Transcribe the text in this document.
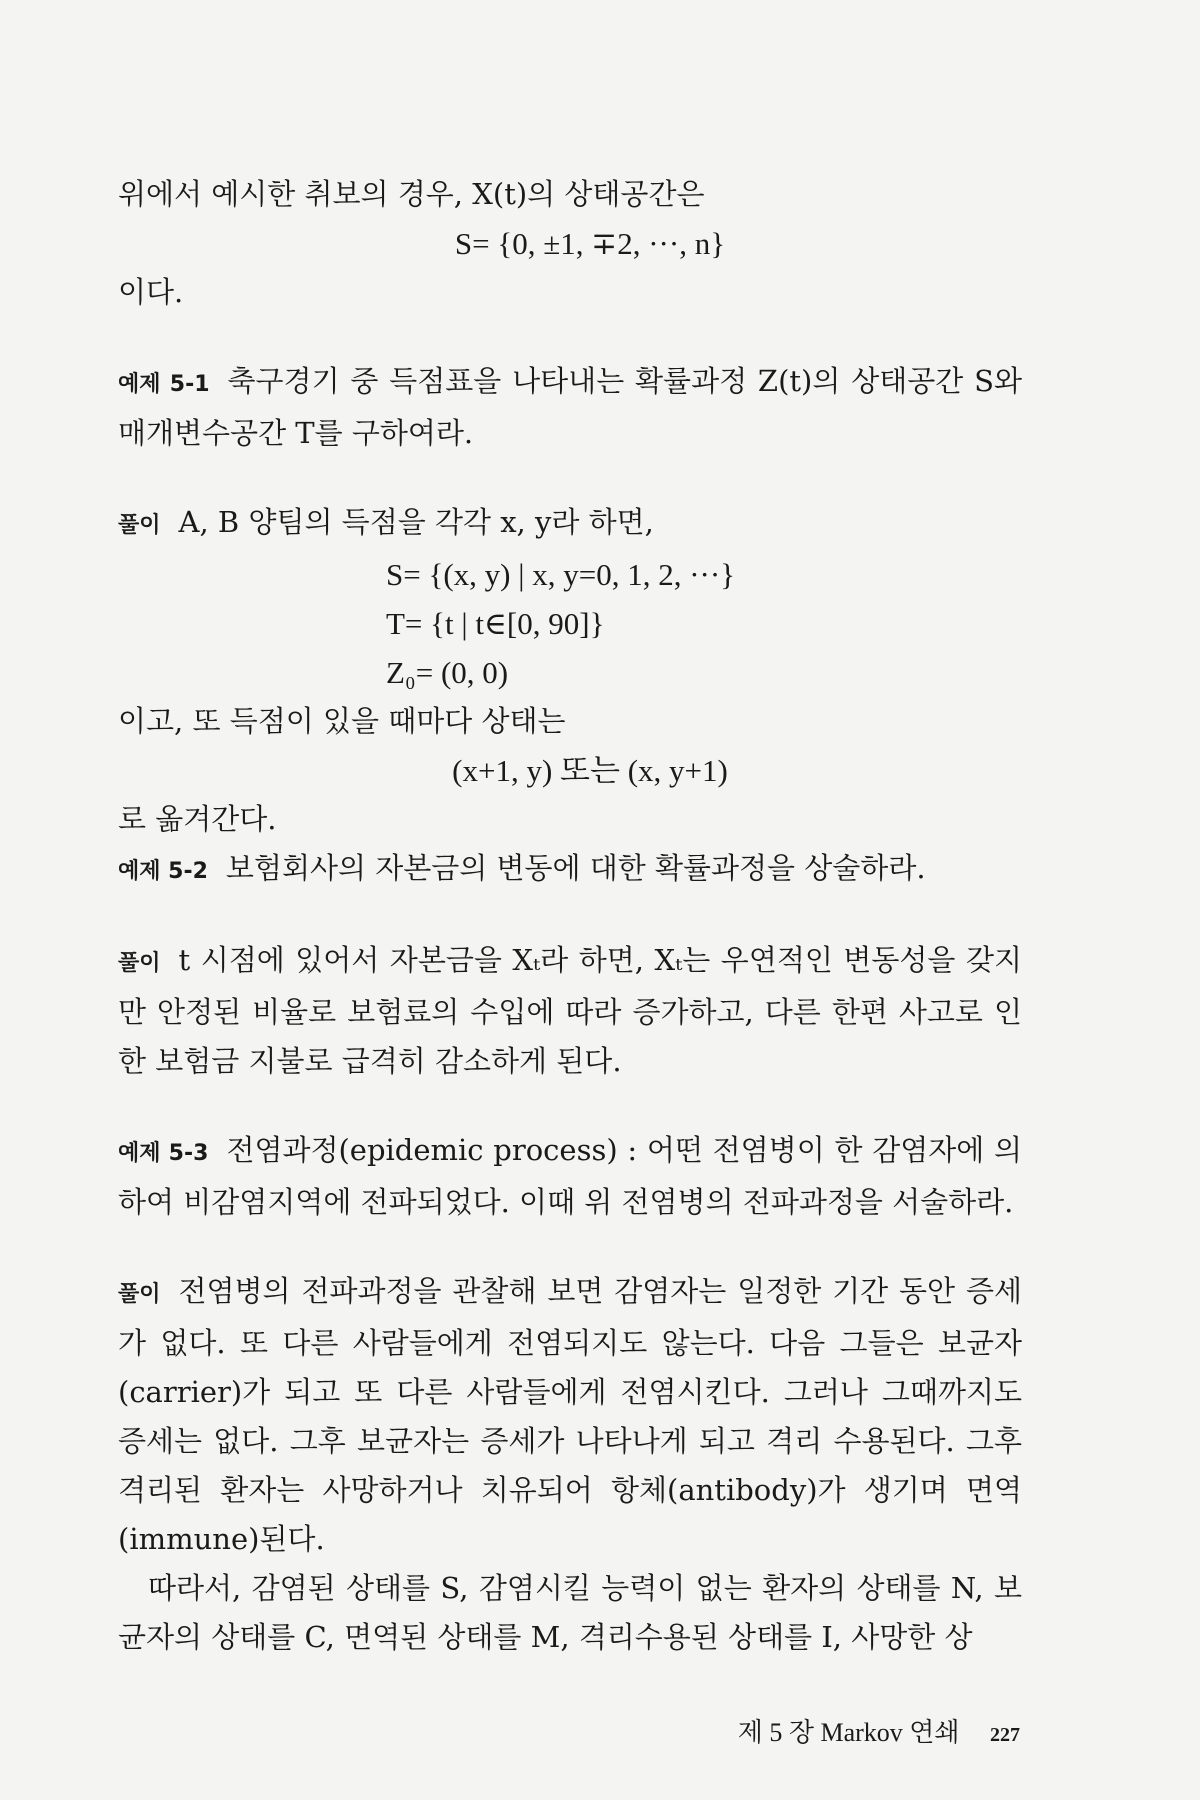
위에서 예시한 취보의 경우, X(t)의 상태공간은

S= {0, ±1, ∓2, ···, n}

이다.

예제 5-1 축구경기 중 득점표을 나타내는 확률과정 Z(t)의 상태공간 S와 매개변수공간 T를 구하여라.

풀이 A, B 양팀의 득점을 각각 x, y라 하면,

S= {(x, y) | x, y=0, 1, 2, ···}

T= {t | t∈[0, 90]}

Z₀= (0, 0)

이고, 또 득점이 있을 때마다 상태는

(x+1, y) 또는 (x, y+1)

로 옮겨간다.

예제 5-2 보험회사의 자본금의 변동에 대한 확률과정을 상술하라.

풀이 t 시점에 있어서 자본금을 Xₜ라 하면, Xₜ는 우연적인 변동성을 갖지만 안정된 비율로 보험료의 수입에 따라 증가하고, 다른 한편 사고로 인한 보험금 지불로 급격히 감소하게 된다.

예제 5-3 전염과정(epidemic process) : 어떤 전염병이 한 감염자에 의하여 비감염지역에 전파되었다. 이때 위 전염병의 전파과정을 서술하라.

풀이 전염병의 전파과정을 관찰해 보면 감염자는 일정한 기간 동안 증세가 없다. 또 다른 사람들에게 전염되지도 않는다. 다음 그들은 보균자(carrier)가 되고 또 다른 사람들에게 전염시킨다. 그러나 그때까지도 증세는 없다. 그후 보균자는 증세가 나타나게 되고 격리 수용된다. 그후 격리된 환자는 사망하거나 치유되어 항체(antibody)가 생기며 면역(immune)된다.

따라서, 감염된 상태를 S, 감염시킬 능력이 없는 환자의 상태를 N, 보균자의 상태를 C, 면역된 상태를 M, 격리수용된 상태를 I, 사망한 상

제 5 장 Markov 연쇄 227
